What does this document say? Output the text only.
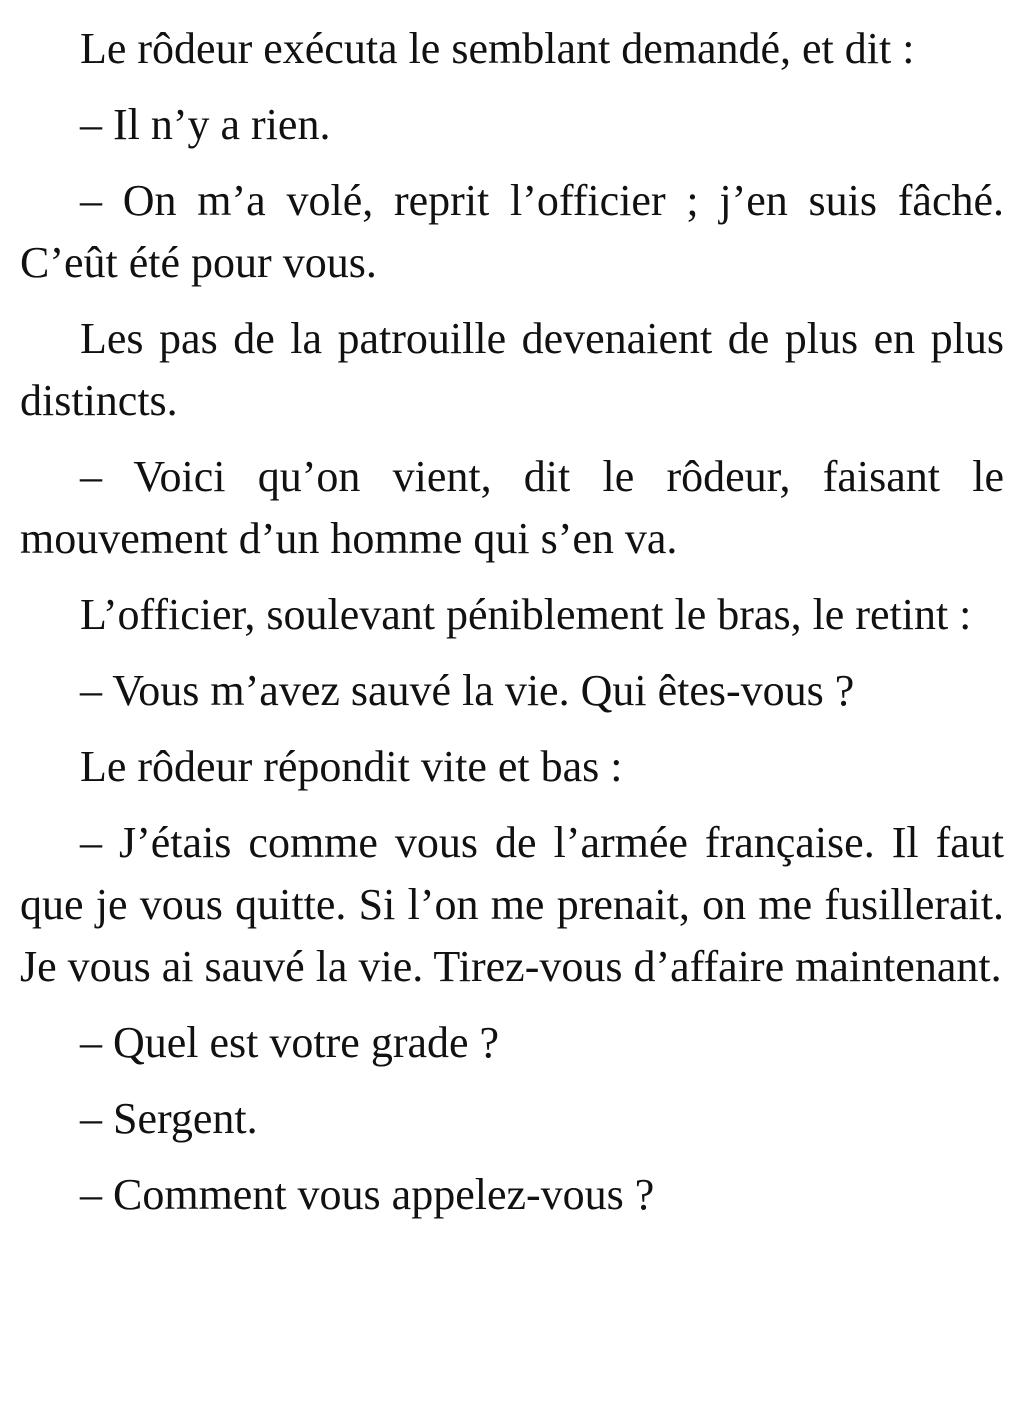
Le rôdeur exécuta le semblant demandé, et dit :

– Il n’y a rien.

– On m’a volé, reprit l’officier ; j’en suis fâché. C’eût été pour vous.

Les pas de la patrouille devenaient de plus en plus distincts.

– Voici qu’on vient, dit le rôdeur, faisant le mouvement d’un homme qui s’en va.

L’officier, soulevant péniblement le bras, le retint :

– Vous m’avez sauvé la vie. Qui êtes-vous ?

Le rôdeur répondit vite et bas :

– J’étais comme vous de l’armée française. Il faut que je vous quitte. Si l’on me prenait, on me fusillerait. Je vous ai sauvé la vie. Tirez-vous d’affaire maintenant.

– Quel est votre grade ?

– Sergent.

– Comment vous appelez-vous ?
